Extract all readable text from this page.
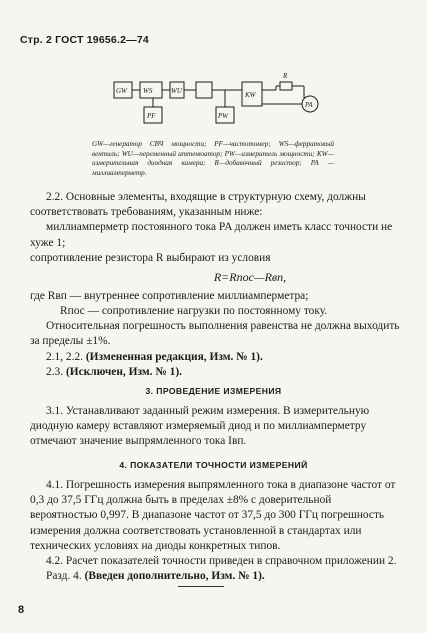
Стр. 2 ГОСТ 19656.2—74
GW WS	WU	KW
PF	PW
PA
R
GW—генератор СВЧ мощности; PF—частотомер; WS—ферритовый вентиль; WU—переменный аттенюатор; PW—измеритель мощности; KW—измерительная диодная камера; R—добавочный резистор; PA — миллиамперметр.

2.2. Основные элементы, входящие в структурную схему, должны соответствовать требованиям, указанным ниже:

миллиамперметр постоянного тока PA должен иметь класс точности не хуже 1;

сопротивление резистора R выбирают из условия

R=Rпос—Rвп,

где Rвп — внутреннее сопротивление миллиамперметра;

Rпос — сопротивление нагрузки по постоянному току.

Относительная погрешность выполнения равенства не должна выходить за пределы ±1%.

2.1, 2.2. (Измененная редакция, Изм. № 1).

2.3. (Исключен, Изм. № 1).

3. ПРОВЕДЕНИЕ ИЗМЕРЕНИЯ

3.1. Устанавливают заданный режим измерения. В измерительную диодную камеру вставляют измеряемый диод и по миллиамперметру отмечают значение выпрямленного тока Iвп.

4. ПОКАЗАТЕЛИ ТОЧНОСТИ ИЗМЕРЕНИЙ

4.1. Погрешность измерения выпрямленного тока в диапазоне частот от 0,3 до 37,5 ГГц должна быть в пределах ±8% с доверительной вероятностью 0,997. В диапазоне частот от 37,5 до 300 ГГц погрешность измерения должна соответствовать установленной в стандартах или технических условиях на диоды конкретных типов.

4.2. Расчет показателей точности приведен в справочном приложении 2.

Разд. 4. (Введен дополнительно, Изм. № 1).

8
